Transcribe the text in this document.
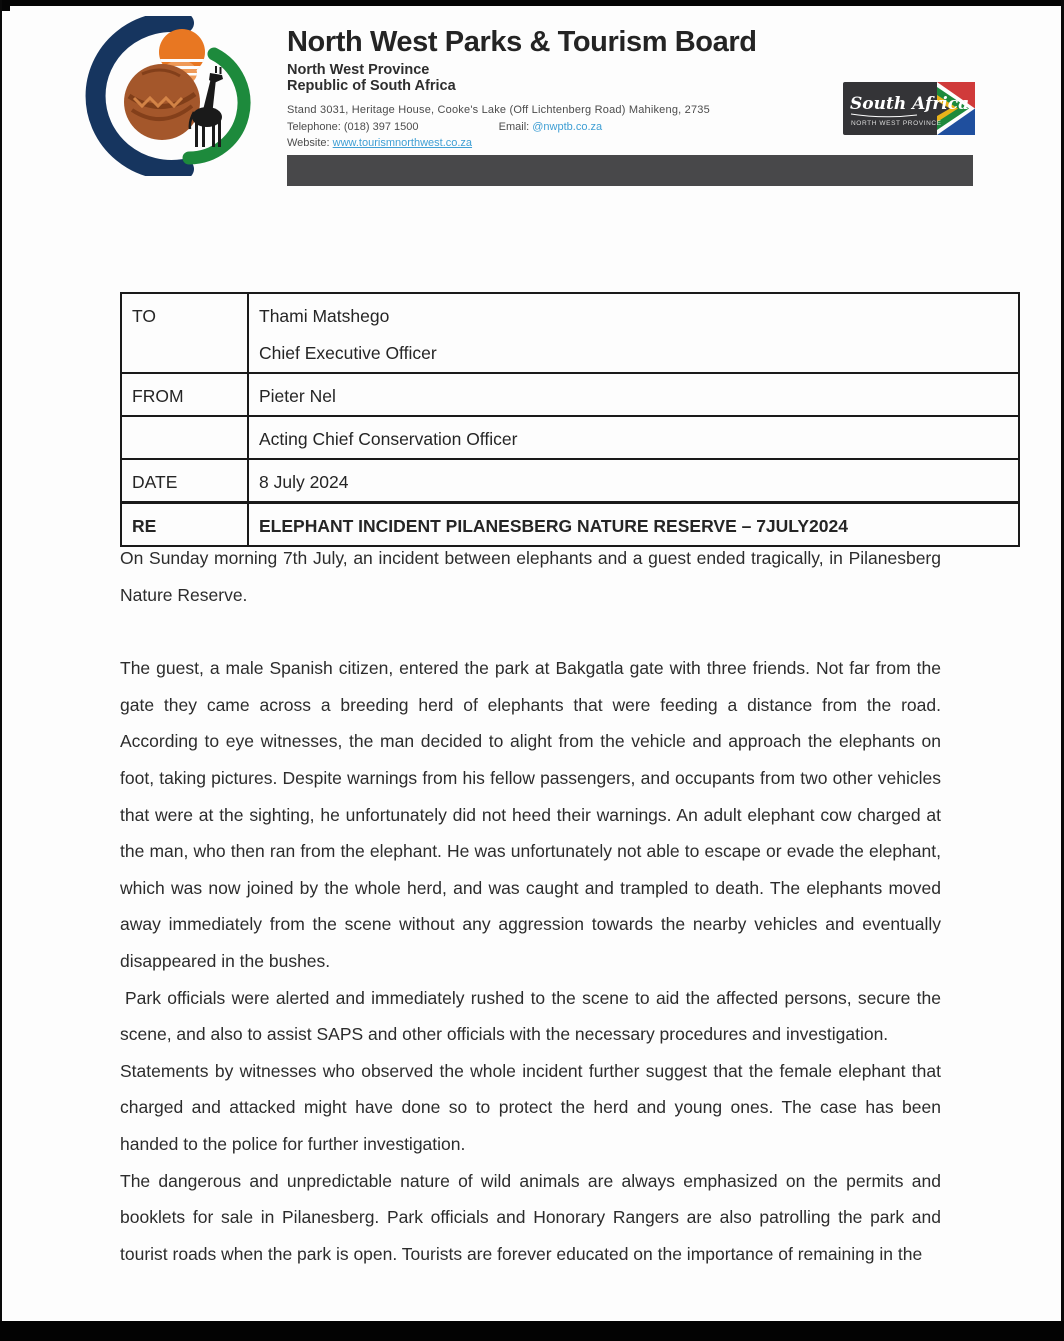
North West Parks & Tourism Board
North West Province
Republic of South Africa
Stand 3031, Heritage House, Cooke's Lake (Off Lichtenberg Road) Mahikeng, 2735
Telephone: (018) 397 1500	Email: @nwptb.co.za
Website: www.tourismnorthwest.co.za
South Africa
NORTH WEST PROVINCE
TO	Thami Matshego
Chief Executive Officer

FROM	Pieter Nel

	Acting Chief Conservation Officer

DATE	8 July 2024

RE	ELEPHANT INCIDENT PILANESBERG NATURE RESERVE – 7JULY2024

On Sunday morning 7th July, an incident between elephants and a guest ended tragically, in Pilanesberg Nature Reserve.

The guest, a male Spanish citizen, entered the park at Bakgatla gate with three friends. Not far from the gate they came across a breeding herd of elephants that were feeding a distance from the road. According to eye witnesses, the man decided to alight from the vehicle and approach the elephants on foot, taking pictures. Despite warnings from his fellow passengers, and occupants from two other vehicles that were at the sighting, he unfortunately did not heed their warnings. An adult elephant cow charged at the man, who then ran from the elephant. He was unfortunately not able to escape or evade the elephant, which was now joined by the whole herd, and was caught and trampled to death. The elephants moved away immediately from the scene without any aggression towards the nearby vehicles and eventually disappeared in the bushes.

Park officials were alerted and immediately rushed to the scene to aid the affected persons, secure the scene, and also to assist SAPS and other officials with the necessary procedures and investigation.

Statements by witnesses who observed the whole incident further suggest that the female elephant that charged and attacked might have done so to protect the herd and young ones. The case has been handed to the police for further investigation.

The dangerous and unpredictable nature of wild animals are always emphasized on the permits and booklets for sale in Pilanesberg. Park officials and Honorary Rangers are also patrolling the park and tourist roads when the park is open. Tourists are forever educated on the importance of remaining in the
